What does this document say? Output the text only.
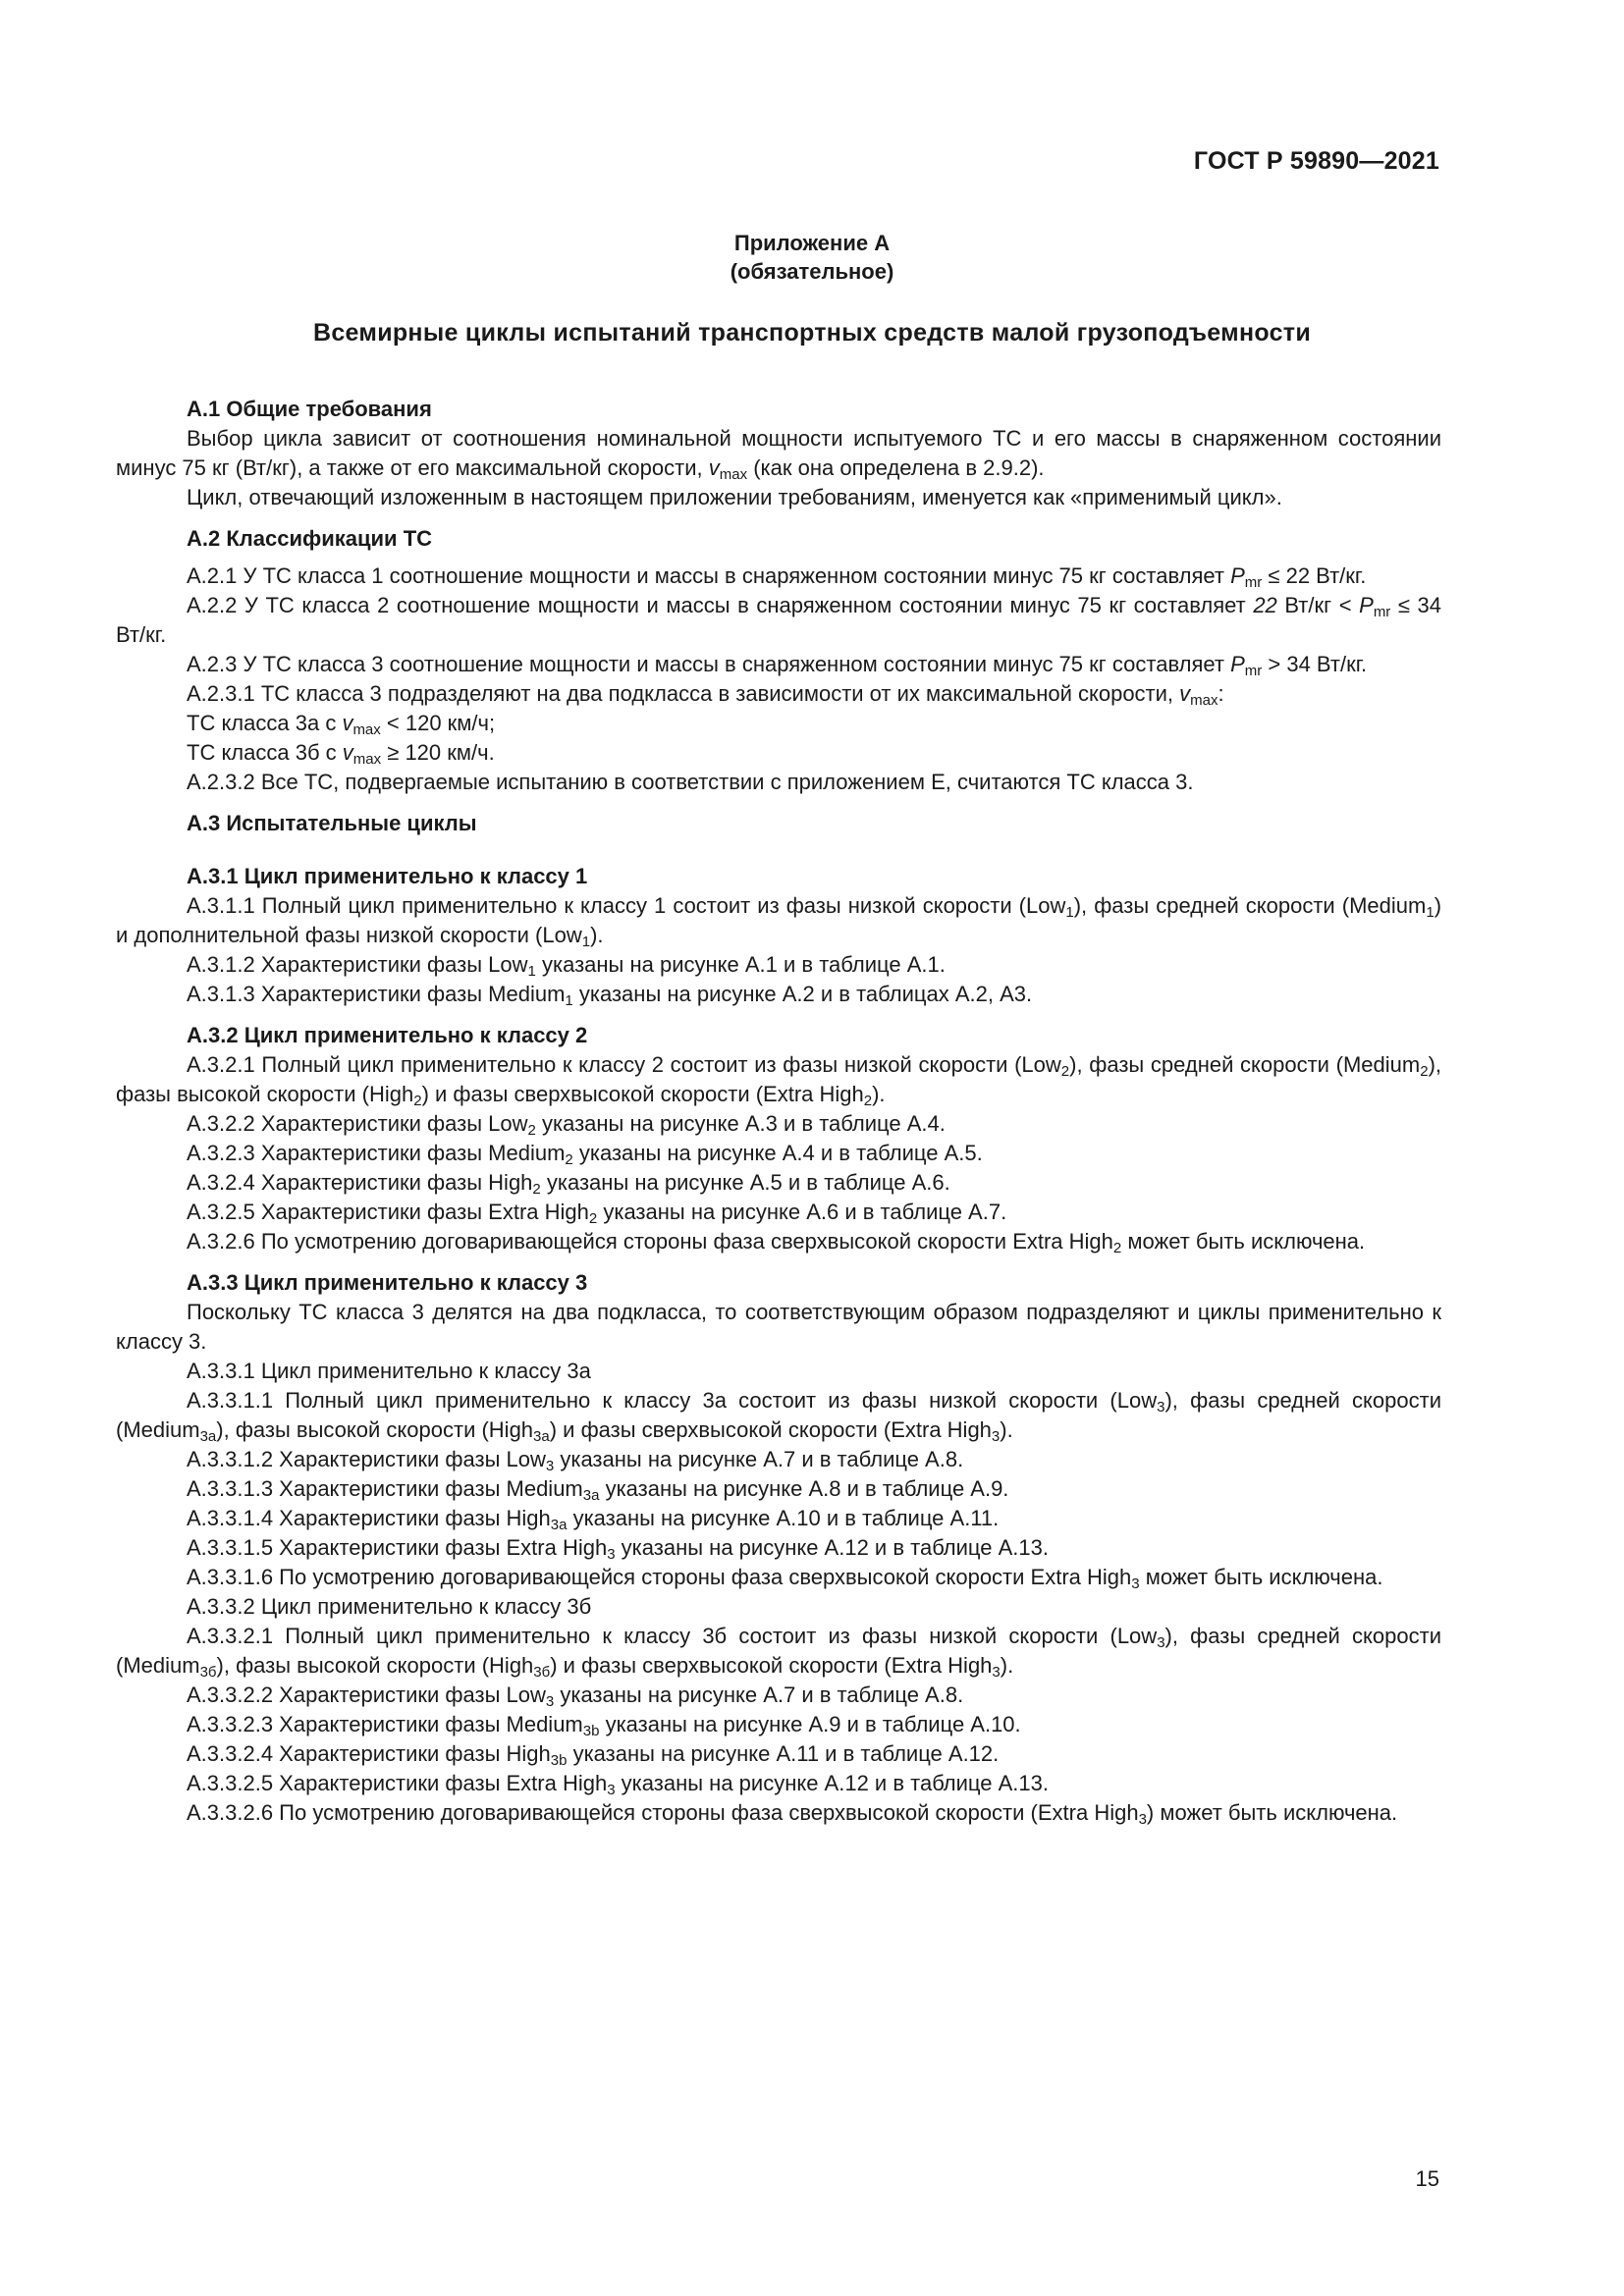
ГОСТ Р 59890—2021
Приложение А
(обязательное)
Всемирные циклы испытаний транспортных средств малой грузоподъемности

А.1 Общие требования

Выбор цикла зависит от соотношения номинальной мощности испытуемого ТС и его массы в снаряженном состоянии минус 75 кг (Вт/кг), а также от его максимальной скорости, $v_{max}$ (как она определена в 2.9.2).

Цикл, отвечающий изложенным в настоящем приложении требованиям, именуется как «применимый цикл».

А.2 Классификации ТС

А.2.1 У ТС класса 1 соотношение мощности и массы в снаряженном состоянии минус 75 кг составляет $P_{mr} \le 22$ Вт/кг.

А.2.2 У ТС класса 2 соотношение мощности и массы в снаряженном состоянии минус 75 кг составляет 22 $Вт/кг < P_{mr} \le 34$ Вт/кг.

А.2.3 У ТС класса 3 соотношение мощности и массы в снаряженном состоянии минус 75 кг составляет $P_{mr} > 34$ Вт/кг.

А.2.3.1 ТС класса 3 подразделяют на два подкласса в зависимости от их максимальной скорости, $v_{max}$:

ТС класса 3а с $v_{max} < 120$ км/ч;

ТС класса 3б с $v_{max} \ge 120$ км/ч.

А.2.3.2 Все ТС, подвергаемые испытанию в соответствии с приложением Е, считаются ТС класса 3.

А.3 Испытательные циклы

А.3.1 Цикл применительно к классу 1

А.3.1.1 Полный цикл применительно к классу 1 состоит из фазы низкой скорости (Low$_1$), фазы средней скорости (Medium$_1$) и дополнительной фазы низкой скорости (Low$_1$).

А.3.1.2 Характеристики фазы Low$_1$ указаны на рисунке А.1 и в таблице А.1.

А.3.1.3 Характеристики фазы Medium$_1$ указаны на рисунке А.2 и в таблицах А.2, А3.

А.3.2 Цикл применительно к классу 2

А.3.2.1 Полный цикл применительно к классу 2 состоит из фазы низкой скорости (Low$_2$), фазы средней скорости (Medium$_2$), фазы высокой скорости (High$_2$) и фазы сверхвысокой скорости (Extra High$_2$).

А.3.2.2 Характеристики фазы Low$_2$ указаны на рисунке А.3 и в таблице А.4.

А.3.2.3 Характеристики фазы Medium$_2$ указаны на рисунке А.4 и в таблице А.5.

А.3.2.4 Характеристики фазы High$_2$ указаны на рисунке А.5 и в таблице А.6.

А.3.2.5 Характеристики фазы Extra High$_2$ указаны на рисунке А.6 и в таблице А.7.

А.3.2.6 По усмотрению договаривающейся стороны фаза сверхвысокой скорости Extra High$_2$ может быть исключена.

А.3.3 Цикл применительно к классу 3

Поскольку ТС класса 3 делятся на два подкласса, то соответствующим образом подразделяют и циклы применительно к классу 3.

А.3.3.1 Цикл применительно к классу 3а

А.3.3.1.1 Полный цикл применительно к классу 3а состоит из фазы низкой скорости (Low$_3$), фазы средней скорости (Medium$_{3a}$), фазы высокой скорости (High$_{3a}$) и фазы сверхвысокой скорости (Extra High$_3$).

А.3.3.1.2 Характеристики фазы Low$_3$ указаны на рисунке А.7 и в таблице А.8.

А.3.3.1.3 Характеристики фазы Medium$_{3a}$ указаны на рисунке А.8 и в таблице А.9.

А.3.3.1.4 Характеристики фазы High$_{3a}$ указаны на рисунке А.10 и в таблице А.11.

А.3.3.1.5 Характеристики фазы Extra High$_3$ указаны на рисунке А.12 и в таблице А.13.

А.3.3.1.6 По усмотрению договаривающейся стороны фаза сверхвысокой скорости Extra High$_3$ может быть исключена.

А.3.3.2 Цикл применительно к классу 3б

А.3.3.2.1 Полный цикл применительно к классу 3б состоит из фазы низкой скорости (Low$_3$), фазы средней скорости (Medium$_{3б}$), фазы высокой скорости (High$_{3б}$) и фазы сверхвысокой скорости (Extra High$_3$).

А.3.3.2.2 Характеристики фазы Low$_3$ указаны на рисунке А.7 и в таблице А.8.

А.3.3.2.3 Характеристики фазы Medium$_{3b}$ указаны на рисунке А.9 и в таблице А.10.

А.3.3.2.4 Характеристики фазы High$_{3b}$ указаны на рисунке А.11 и в таблице А.12.

А.3.3.2.5 Характеристики фазы Extra High$_3$ указаны на рисунке А.12 и в таблице А.13.

А.3.3.2.6 По усмотрению договаривающейся стороны фаза сверхвысокой скорости (Extra High$_3$) может быть исключена.

15
